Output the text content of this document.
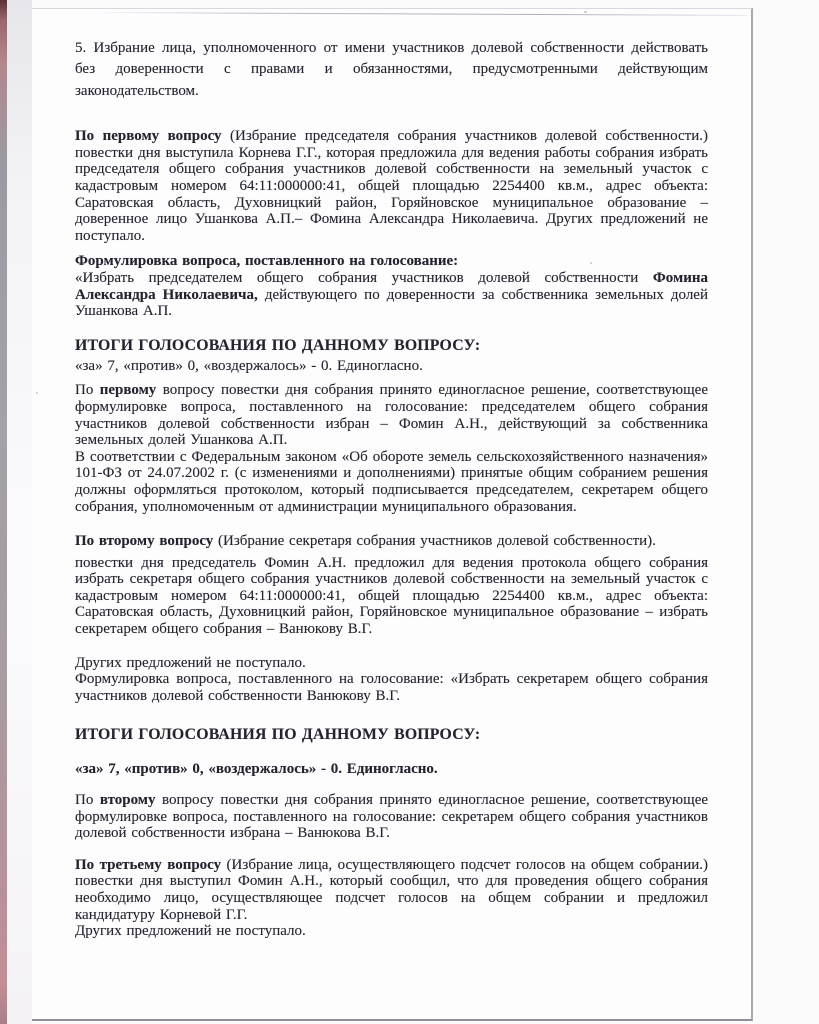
5. Избрание лица, уполномоченного от имени участников долевой собственности действовать без доверенности с правами и обязанностями, предусмотренными действующим законодательством.

По первому вопросу (Избрание председателя собрания участников долевой собственности.) повестки дня выступила Корнева Г.Г., которая предложила для ведения работы собрания избрать председателя общего собрания участников долевой собственности на земельный участок с кадастровым номером 64:11:000000:41, общей площадью 2254400 кв.м., адрес объекта: Саратовская область, Духовницкий район, Горяйновское муниципальное образование – доверенное лицо Ушанкова А.П.– Фомина Александра Николаевича. Других предложений не поступало.

Формулировка вопроса, поставленного на голосование:

«Избрать председателем общего собрания участников долевой собственности Фомина Александра Николаевича, действующего по доверенности за собственника земельных долей Ушанкова А.П.

ИТОГИ ГОЛОСОВАНИЯ ПО ДАННОМУ ВОПРОСУ:

«за» 7, «против» 0, «воздержалось» - 0. Единогласно.

По первому вопросу повестки дня собрания принято единогласное решение, соответствующее формулировке вопроса, поставленного на голосование: председателем общего собрания участников долевой собственности избран – Фомин А.Н., действующий за собственника земельных долей Ушанкова А.П.

В соответствии с Федеральным законом «Об обороте земель сельскохозяйственного назначения» 101-ФЗ от 24.07.2002 г. (с изменениями и дополнениями) принятые общим собранием решения должны оформляться протоколом, который подписывается председателем, секретарем общего собрания, уполномоченным от администрации муниципального образования.

По второму вопросу (Избрание секретаря собрания участников долевой собственности).

повестки дня председатель Фомин А.Н. предложил для ведения протокола общего собрания избрать секретаря общего собрания участников долевой собственности на земельный участок с кадастровым номером 64:11:000000:41, общей площадью 2254400 кв.м., адрес объекта: Саратовская область, Духовницкий район, Горяйновское муниципальное образование – избрать секретарем общего собрания – Ванюкову В.Г.

Других предложений не поступало.

Формулировка вопроса, поставленного на голосование: «Избрать секретарем общего собрания участников долевой собственности Ванюкову В.Г.

ИТОГИ ГОЛОСОВАНИЯ ПО ДАННОМУ ВОПРОСУ:

«за» 7, «против» 0, «воздержалось» - 0. Единогласно.

По второму вопросу повестки дня собрания принято единогласное решение, соответствующее формулировке вопроса, поставленного на голосование: секретарем общего собрания участников долевой собственности избрана – Ванюкова В.Г.

По третьему вопросу (Избрание лица, осуществляющего подсчет голосов на общем собрании.) повестки дня выступил Фомин А.Н., который сообщил, что для проведения общего собрания необходимо лицо, осуществляющее подсчет голосов на общем собрании и предложил кандидатуру Корневой Г.Г.

Других предложений не поступало.
